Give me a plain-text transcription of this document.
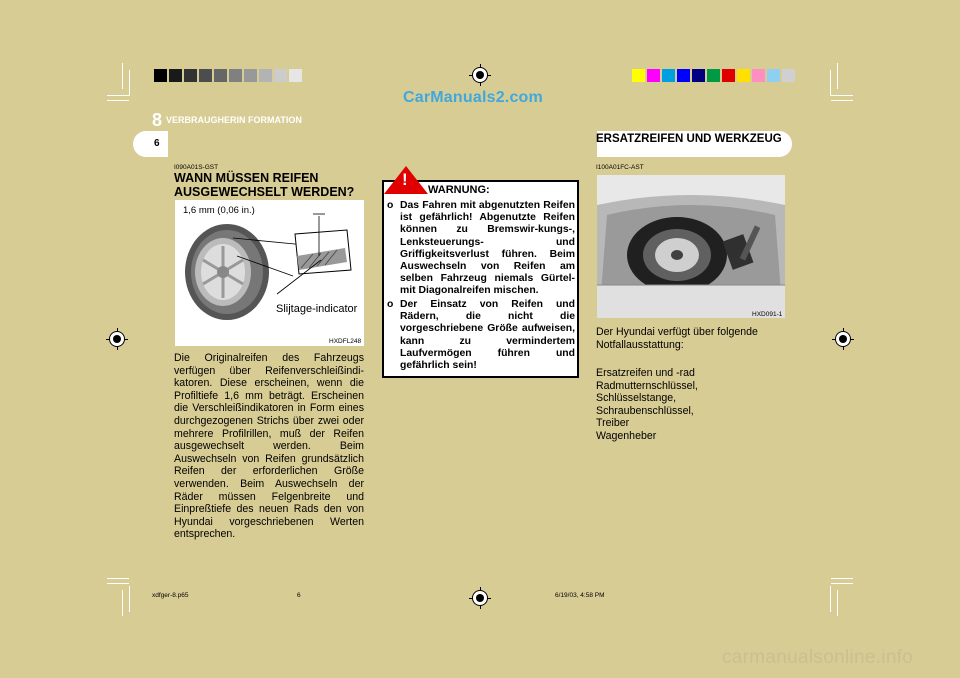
CarManuals2.com
8 VERBRAUGHERIN FORMATION
6	ERSATZREIFEN UND WERKZEUG
I090A01S-GST
WANN MÜSSEN REIFEN AUSGEWECHSELT WERDEN?
1,6 mm (0,06 in.)
Slijtage-indicator
HXDFL248
Die Originalreifen des Fahrzeugs verfügen über Reifenverschleißindi-katoren. Diese erscheinen, wenn die Profiltiefe 1,6 mm beträgt. Erscheinen die Verschleißindikatoren in Form eines durchgezogenen Strichs über zwei oder mehrere Profilrillen, muß der Reifen ausgewechselt werden. Beim Auswechseln von Reifen grundsätzlich Reifen der erforderlichen Größe verwenden. Beim Auswechseln der Räder müssen Felgenbreite und Einpreßtiefe des neuen Rads den von Hyundai vorgeschriebenen Werten entsprechen.
!
WARNUNG:
o Das Fahren mit abgenutzten Reifen ist gefährlich! Abgenutzte Reifen können zu Bremswir-kungs-, Lenksteuerungs- und Griffigkeitsverlust führen. Beim Auswechseln von Reifen am selben Fahrzeug niemals Gürtel- mit Diagonalreifen mischen.
o Der Einsatz von Reifen und Rädern, die nicht die vorgeschriebene Größe aufweisen, kann zu vermindertem Laufvermögen führen und gefährlich sein!
I100A01FC-AST
HXD091-1
Der Hyundai verfügt über folgende Notfallausstattung:
Ersatzreifen und -rad
Radmutternschlüssel,
Schlüsselstange,
Schraubenschlüssel,
Treiber
Wagenheber
xdfger-8.p65	6	6/19/03, 4:58 PM
carmanualsonline.info
